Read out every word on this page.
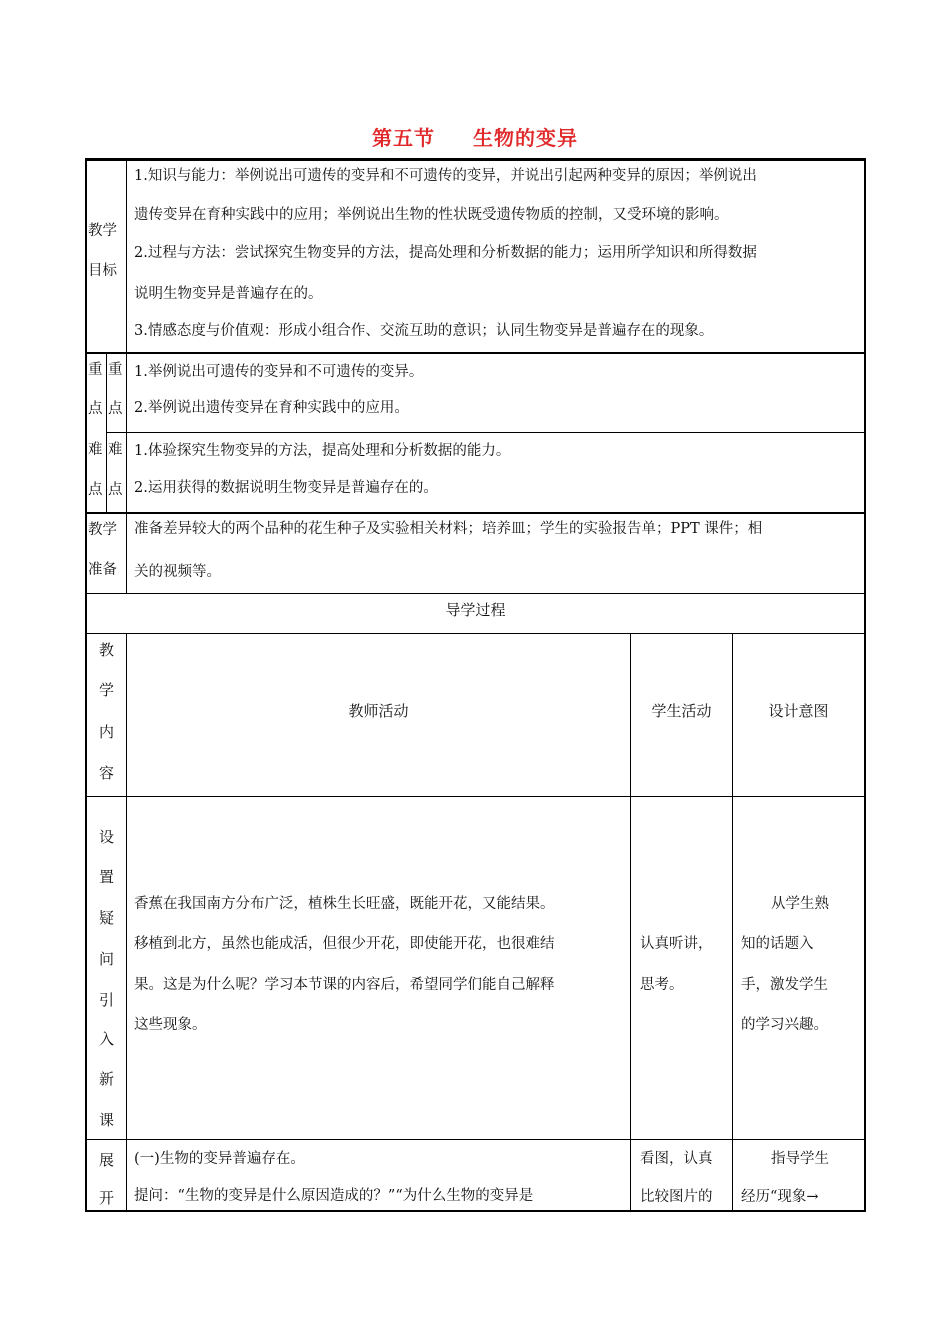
第五节 生物的变异
教学
目标
1.知识与能力：举例说出可遗传的变异和不可遗传的变异，并说出引起两种变异的原因；举例说出
遗传变异在育种实践中的应用；举例说出生物的性状既受遗传物质的控制，又受环境的影响。
2.过程与方法：尝试探究生物变异的方法，提高处理和分析数据的能力；运用所学知识和所得数据
说明生物变异是普遍存在的。
3.情感态度与价值观：形成小组合作、交流互助的意识；认同生物变异是普遍存在的现象。
重
点
难
点
重
点
1.举例说出可遗传的变异和不可遗传的变异。
2.举例说出遗传变异在育种实践中的应用。
难
点
1.体验探究生物变异的方法，提高处理和分析数据的能力。
2.运用获得的数据说明生物变异是普遍存在的。
教学
准备
准备差异较大的两个品种的花生种子及实验相关材料；培养皿；学生的实验报告单；PPT 课件；相
关的视频等。
导学过程
教
学
内
容
教师活动	学生活动	设计意图
设
置
疑
问
引
入
新
课
香蕉在我国南方分布广泛，植株生长旺盛，既能开花，又能结果。
移植到北方，虽然也能成活，但很少开花，即使能开花，也很难结
果。这是为什么呢？学习本节课的内容后，希望同学们能自己解释
这些现象。
认真听讲，
思考。
从学生熟
知的话题入
手，激发学生
的学习兴趣。
展
开
(一)生物的变异普遍存在。
提问：“生物的变异是什么原因造成的？”“为什么生物的变异是
看图，认真
比较图片的
指导学生
经历“现象→
